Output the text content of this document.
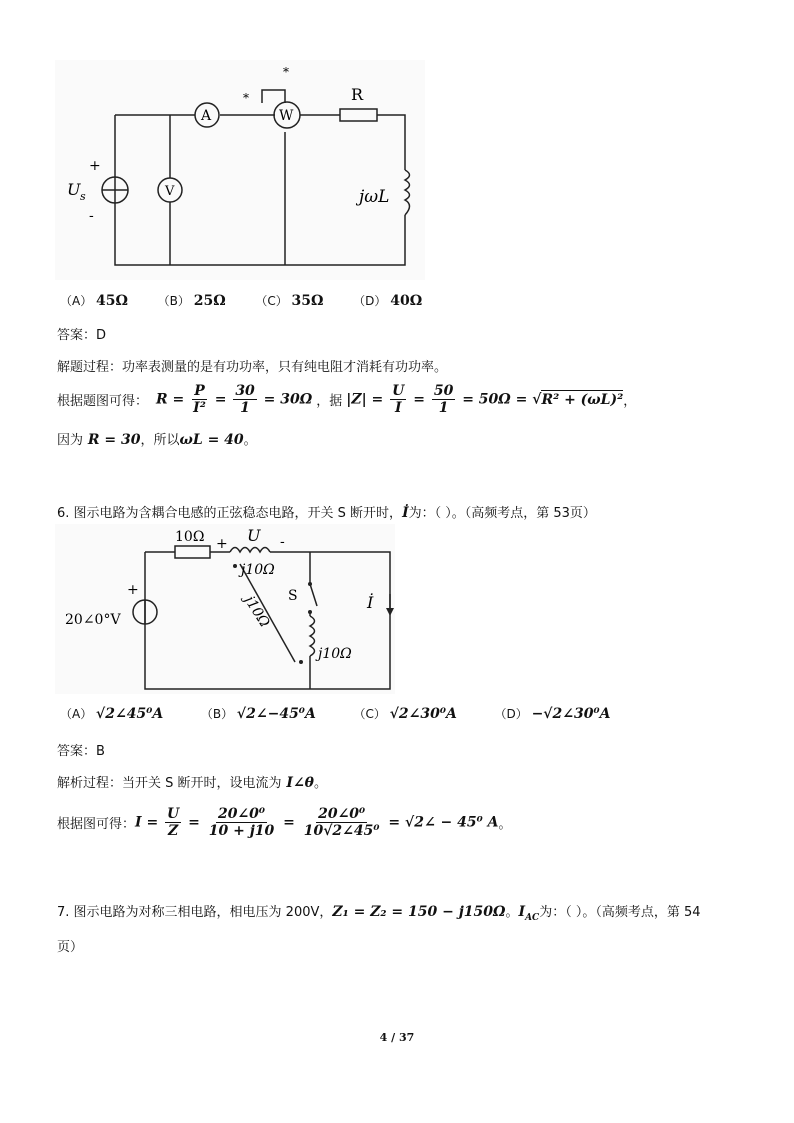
*
*
A	W
V
R
+
U s
-
jωL
（A） 45Ω （B） 25Ω （C） 35Ω （D） 40Ω
答案：D
解题过程：功率表测量的是有功功率，只有纯电阻才消耗有功功率。
根据题图可得： $R = \frac{P}{\text{I²}} = \frac{30}{1} = 30\Omega$ ，据 $|Z| = \frac{U}{I} = \frac{50}{1} = 50\Omega = √R^2 + (\omega L)^2$ ，
因为 R = 30，所以ωL = 40。
6. 图示电路为含耦合电感的正弦稳态电路，开关 S 断开时，İ为：（ ）。（高频考点，第 53页）
10Ω + U -
j10Ω
S
j10Ω
j10Ω
İ
+
20∠0°V
（A） √2∠45⁰A	（B） √2∠−45⁰A	（C） √2∠30⁰A	（D） −√2∠30⁰A
答案：B
解析过程：当开关 S 断开时，设电流为 I∠θ。
根据图可得： $I = \frac{U}{Z} = \frac{\text{20∠0⁰}}{10 + j10} = \frac{\text{20∠0⁰}}{\text{10√2∠45⁰}}$ = √2∠ − 45⁰ A 。
7. 图示电路为对称三相电路，相电压为 200V，Z₁ = Z₂ = 150 − j150Ω。$I_{AC}$为：（ ）。（高频考点，第 54
页）
4 / 37
